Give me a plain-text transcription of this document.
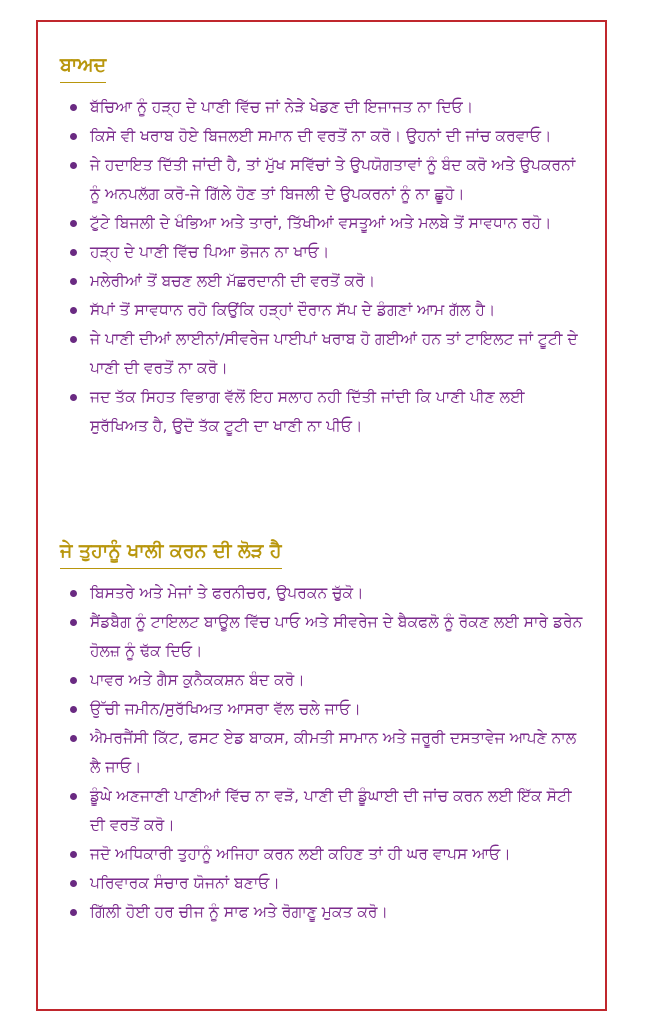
ਬਾਅਦ
ਬੱਚਿਆ ਨੂੰ ਹੜ੍ਹ ਦੇ ਪਾਣੀ ਵਿੱਚ ਜਾਂ ਨੇੜੇ ਖੇਡਣ ਦੀ ਇਜਾਜਤ ਨਾ ਦਿਓ।
ਕਿਸੇ ਵੀ ਖਰਾਬ ਹੋਏ ਬਿਜਲਈ ਸਮਾਨ ਦੀ ਵਰਤੋਂ ਨਾ ਕਰੋ। ਉਹਨਾਂ ਦੀ ਜਾਂਚ ਕਰਵਾਓ।
ਜੇ ਹਦਾਇਤ ਦਿੱਤੀ ਜਾਂਦੀ ਹੈ, ਤਾਂ ਮੁੱਖ ਸਵਿੱਚਾਂ ਤੇ ਉਪਯੋਗਤਾਵਾਂ ਨੂੰ ਬੰਦ ਕਰੋ ਅਤੇ ਉਪਕਰਨਾਂ ਨੂੰ ਅਨਪਲੱਗ ਕਰੋ-ਜੇ ਗਿੱਲੇ ਹੋਣ ਤਾਂ ਬਿਜਲੀ ਦੇ ਉਪਕਰਨਾਂ ਨੂੰ ਨਾ ਛੂਹੋ।
ਟੁੱਟੇ ਬਿਜਲੀ ਦੇ ਖੰਭਿਆ ਅਤੇ ਤਾਰਾਂ, ਤਿੱਖੀਆਂ ਵਸਤੂਆਂ ਅਤੇ ਮਲਬੇ ਤੋਂ ਸਾਵਧਾਨ ਰਹੋ।
ਹੜ੍ਹ ਦੇ ਪਾਣੀ ਵਿੱਚ ਪਿਆ ਭੋਜਨ ਨਾ ਖਾਓ।
ਮਲੇਰੀਆਂ ਤੋਂ ਬਚਣ ਲਈ ਮੱਛਰਦਾਨੀ ਦੀ ਵਰਤੋਂ ਕਰੋ।
ਸੱਪਾਂ ਤੋਂ ਸਾਵਧਾਨ ਰਹੋ ਕਿਉਂਕਿ ਹੜ੍ਹਾਂ ਦੌਰਾਨ ਸੱਪ ਦੇ ਡੰਗਣਾਂ ਆਮ ਗੱਲ ਹੈ।
ਜੇ ਪਾਣੀ ਦੀਆਂ ਲਾਈਨਾਂ/ਸੀਵਰੇਜ ਪਾਈਪਾਂ ਖਰਾਬ ਹੋ ਗਈਆਂ ਹਨ ਤਾਂ ਟਾਇਲਟ ਜਾਂ ਟੂਟੀ ਦੇ ਪਾਣੀ ਦੀ ਵਰਤੋਂ ਨਾ ਕਰੋ।
ਜਦ ਤੱਕ ਸਿਹਤ ਵਿਭਾਗ ਵੱਲੋਂ ਇਹ ਸਲਾਹ ਨਹੀ ਦਿੱਤੀ ਜਾਂਦੀ ਕਿ ਪਾਣੀ ਪੀਣ ਲਈ ਸੁਰੱਖਿਅਤ ਹੈ, ਉਦੋ ਤੱਕ ਟੂਟੀ ਦਾ ਖਾਣੀ ਨਾ ਪੀਓ।
ਜੇ ਤੁਹਾਨੂੰ ਖਾਲੀ ਕਰਨ ਦੀ ਲੋੜ ਹੈ
ਬਿਸਤਰੇ ਅਤੇ ਮੇਜਾਂ ਤੇ ਫਰਨੀਚਰ, ਉਪਰਕਨ ਚੁੱਕੋ।
ਸੈਂਡਬੈਗ ਨੂੰ ਟਾਇਲਟ ਬਾਊਲ ਵਿੱਚ ਪਾਓ ਅਤੇ ਸੀਵਰੇਜ ਦੇ ਬੈਕਫਲੋ ਨੂੰ ਰੋਕਣ ਲਈ ਸਾਰੇ ਡਰੇਨ ਹੋਲਜ਼ ਨੂੰ ਢੱਕ ਦਿਓ।
ਪਾਵਰ ਅਤੇ ਗੈਸ ਕੁਨੈਕਕਸ਼ਨ ਬੰਦ ਕਰੋ।
ਉੱਚੀ ਜਮੀਨ/ਸੁਰੱਖਿਅਤ ਆਸਰਾ ਵੱਲ ਚਲੇ ਜਾਓ।
ਐਮਰਜੈਂਸੀ ਕਿੱਟ, ਫਸਟ ਏਡ ਬਾਕਸ, ਕੀਮਤੀ ਸਾਮਾਨ ਅਤੇ ਜਰੂਰੀ ਦਸਤਾਵੇਜ ਆਪਣੇ ਨਾਲ ਲੈ ਜਾਓ।
ਡੂੰਘੇ ਅਣਜਾਣੀ ਪਾਣੀਆਂ ਵਿੱਚ ਨਾ ਵੜੋ, ਪਾਣੀ ਦੀ ਡੂੰਘਾਈ ਦੀ ਜਾਂਚ ਕਰਨ ਲਈ ਇੱਕ ਸੋਟੀ ਦੀ ਵਰਤੋਂ ਕਰੋ।
ਜਦੋ ਅਧਿਕਾਰੀ ਤੁਹਾਨੂੰ ਅਜਿਹਾ ਕਰਨ ਲਈ ਕਹਿਣ ਤਾਂ ਹੀ ਘਰ ਵਾਪਸ ਆਓ।
ਪਰਿਵਾਰਕ ਸੰਚਾਰ ਯੋਜਨਾਂ ਬਣਾਓ।
ਗਿੱਲੀ ਹੋਈ ਹਰ ਚੀਜ ਨੂੰ ਸਾਫ ਅਤੇ ਰੋਗਾਣੂ ਮੁਕਤ ਕਰੋ।
